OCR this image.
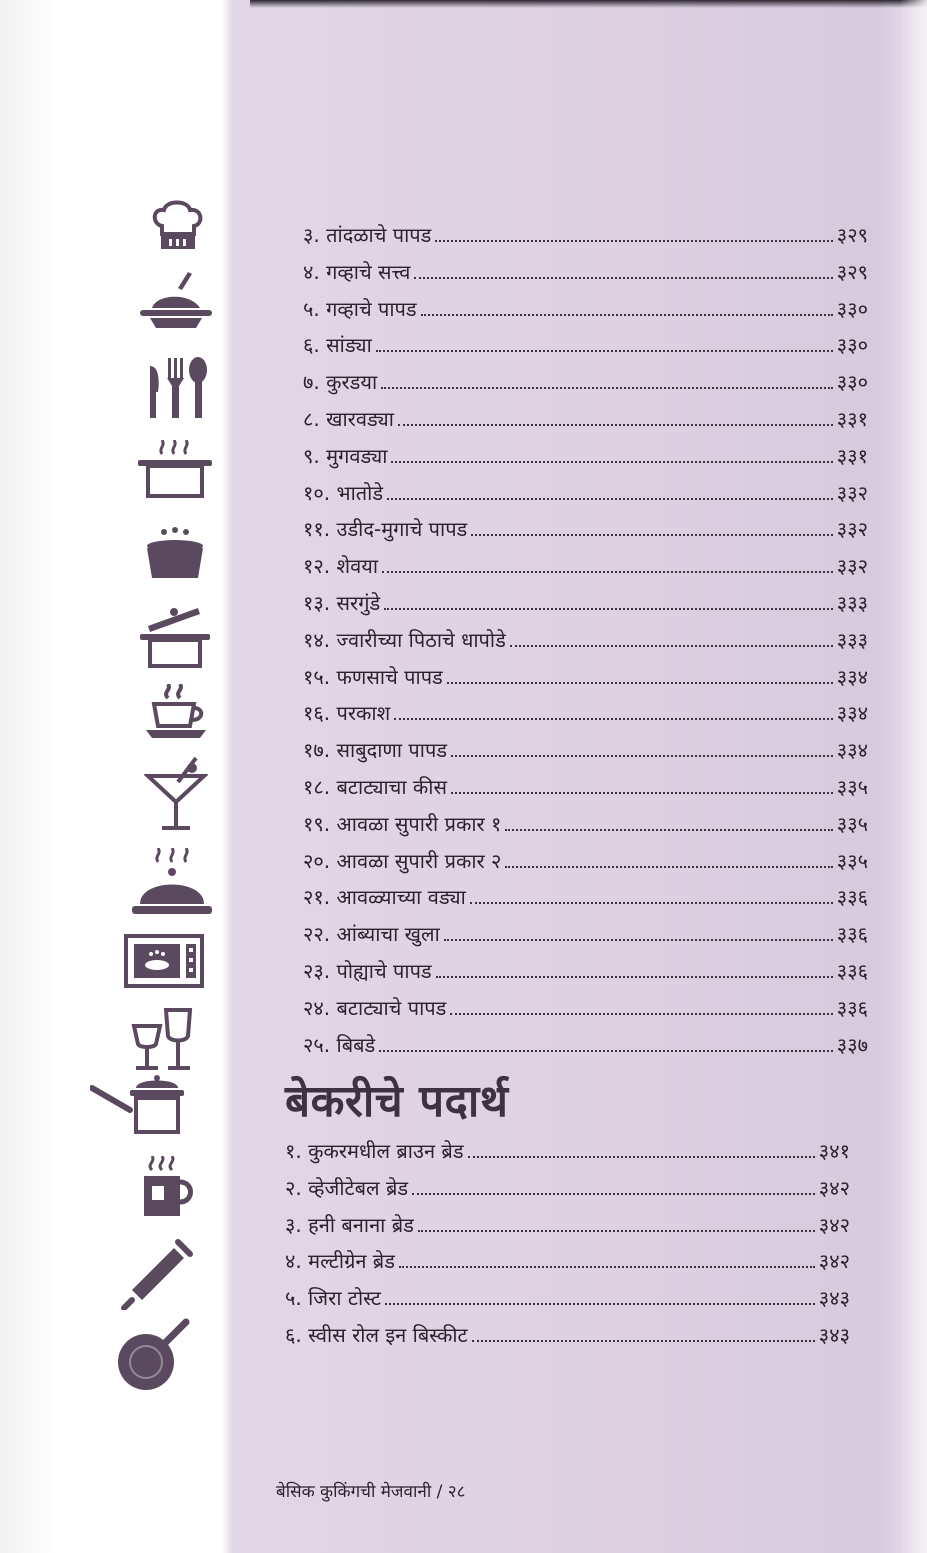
३. तांदळाचे पापड	३२९
४. गव्हाचे सत्त्व	३२९
५. गव्हाचे पापड	३३०
६. सांड्या	३३०
७. कुरडया	३३०
८. खारवड्या	३३१
९. मुगवड्या	३३१
१०. भातोडे	३३२
११. उडीद-मुगाचे पापड	३३२
१२. शेवया	३३२
१३. सरगुंडे	३३३
१४. ज्वारीच्या पिठाचे धापोडे	३३३
१५. फणसाचे पापड	३३४
१६. परकाश	३३४
१७. साबुदाणा पापड	३३४
१८. बटाट्याचा कीस	३३५
१९. आवळा सुपारी प्रकार १	३३५
२०. आवळा सुपारी प्रकार २	३३५
२१. आवळ्याच्या वड्या	३३६
२२. आंब्याचा खुला	३३६
२३. पोह्याचे पापड	३३६
२४. बटाट्याचे पापड	३३६
२५. बिबडे	३३७
बेकरीचे पदार्थ
१. कुकरमधील ब्राउन ब्रेड	३४१
२. व्हेजीटेबल ब्रेड	३४२
३. हनी बनाना ब्रेड	३४२
४. मल्टीग्रेन ब्रेड	३४२
५. जिरा टोस्ट	३४३
६. स्वीस रोल इन बिस्कीट	३४३
बेसिक कुकिंगची मेजवानी / २८
